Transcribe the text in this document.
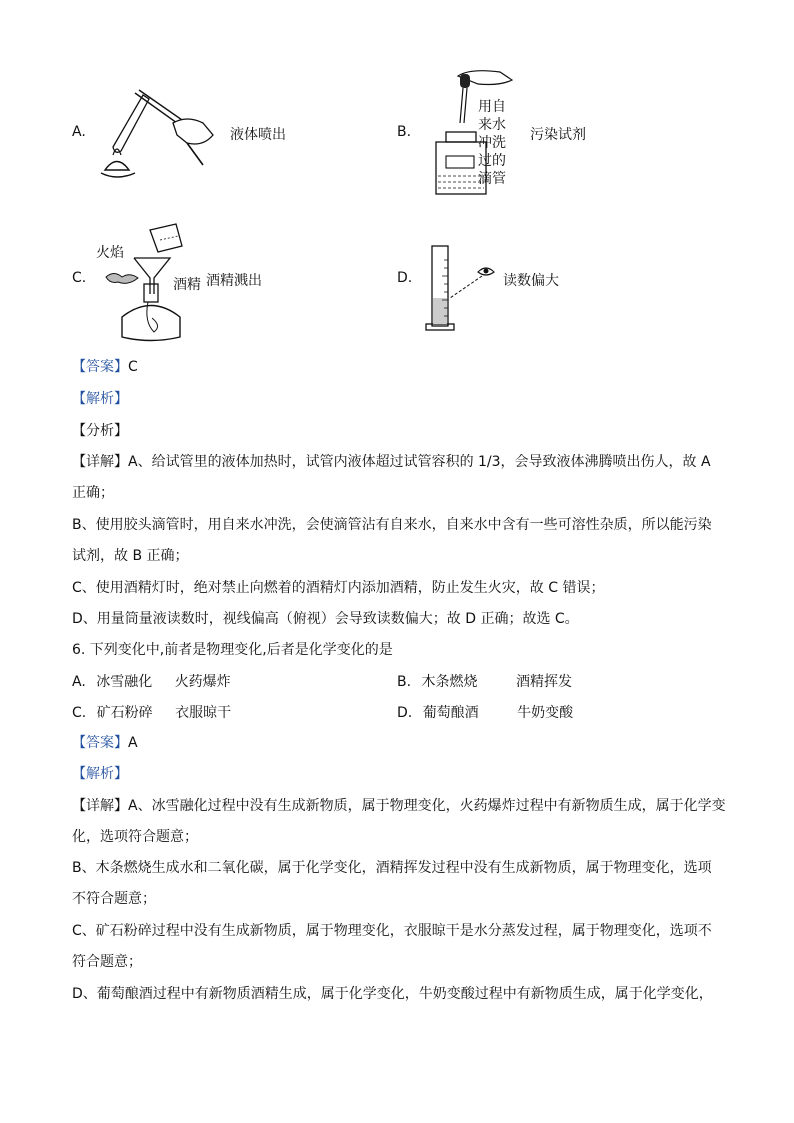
A.	液体喷出	B.
用自
来水
冲洗
过的
滴管
污染试剂
C.
火焰
酒精 酒精溅出	D.	读数偏大
【答案】C
【解析】
【分析】
【详解】A、给试管里的液体加热时，试管内液体超过试管容积的 1/3，会导致液体沸腾喷出伤人，故 A
正确；
B、使用胶头滴管时，用自来水冲洗，会使滴管沾有自来水，自来水中含有一些可溶性杂质，所以能污染
试剂，故 B 正确；
C、使用酒精灯时，绝对禁止向燃着的酒精灯内添加酒精，防止发生火灾，故 C 错误；
D、用量筒量液读数时，视线偏高（俯视）会导致读数偏大；故 D 正确；故选 C。
6. 下列变化中,前者是物理变化,后者是化学变化的是
A. 冰雪融化 火药爆炸	B. 木条燃烧	酒精挥发
C. 矿石粉碎 衣服晾干	D. 葡萄酿酒	牛奶变酸
【答案】A
【解析】
【详解】A、冰雪融化过程中没有生成新物质，属于物理变化，火药爆炸过程中有新物质生成，属于化学变
化，选项符合题意；
B、木条燃烧生成水和二氧化碳，属于化学变化，酒精挥发过程中没有生成新物质，属于物理变化，选项
不符合题意；
C、矿石粉碎过程中没有生成新物质，属于物理变化，衣服晾干是水分蒸发过程，属于物理变化，选项不
符合题意；
D、葡萄酿酒过程中有新物质酒精生成，属于化学变化，牛奶变酸过程中有新物质生成，属于化学变化，
